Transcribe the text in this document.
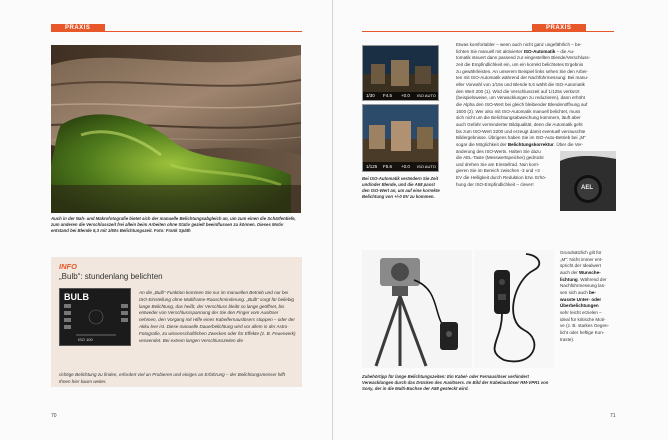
PRAXIS
Auch in der Nah- und Makrofotografie bietet sich der manuelle Belichtungsabgleich an, um zum einen die Schärfentiefe, zum anderen die Verschlusszeit frei allein beim Arbeiten ohne Stativ gezielt beeinflussen zu können. Dieses Motiv entstand bei Blende 5,3 mit 1/60s Belichtungszeit. Foto: Frank Späth
INFO
„Bulb“: stundenlang belichten
BULB
ISO 100
An die „Bulb“-Funktion kommen Sie nur im manuellen Betrieb und nur bei ISO-Einstellung ohne Multiframe-Rauschminderung. „Bulb“ sorgt für beliebig lange Belichtung, das heißt, der Verschluss bleibt so lange geöffnet, bis entweder von Verschlussspannung der Sie den Finger vom Auslöser nehmen, den Vorgang mit Hilfe eines Kabelfernauslösers stoppen – oder der Akku leer ist. Diese manuelle Dauerbelichtung wird vor allem in der Astro-Fotografie, zu wissenschaftlichen Zwecken oder für Effekte (z. B. Feuerwerk) verwendet. Bei extrem langen Verschlusszeiten die
richtige Belichtung zu finden, erfordert viel an Probieren und einiges an Erfahrung – der Belichtungsmesser hilft Ihnen hier kaum weiter.
70
PRAXIS
1/30 F4.5 +0.0 ISO AUTO
1/125 F5.6 +0.0 ISO AUTO
Bei ISO-Automatik verändern Sie Zeit und/oder Blende, und die A58 passt den ISO-Wert an, um auf eine korrekte Belichtung von +/-0 EV zu kommen.
Etwas komfortabler – wenn auch nicht ganz ungefährlich – be-
lichten Sie manuell mit aktivierter ISO-Automatik – die Au-
tomatik steuert dann passend zur eingestellten Blende/Verschluss-
zeit die Empfindlichkeit ein, um ein korrekt belichtetes Ergebnis
zu gewährleisten. An unserem Beispiel links sehen Sie den Arbei-
ten mit ISO-Automatik während der Nachführmessung: Bei manu-
eller Vorwahl von 1/15s und Blende 5,6 wählt die ISO-Automatik
den Wert 200 (1). Wird die Verschlusszeit auf 1/125s verkürzt
(beispielsweise, um Verwacklungen zu reduzieren), dann erhöht
die Alpha den ISO-Wert bei gleich bleibender Blendenöffnung auf
1600 (2). Wer also mit ISO-Automatik manuell belichtet, muss
sich nicht um die Belichtungsabweichung kümmern, läuft aber
auch Gefahr verminderter Bildqualität, denn die Automatik geht
bis zum ISO-Wert 3200 und erzeugt damit eventuell verrauschte
Bildergebnisse. Übrigens haben Sie im ISO-Auto-Betrieb bei „M“
sogar die Möglichkeit der Belichtungskorrektur. Über die Ver-
änderung des ISO-Werts. Halten Sie dazu
die AEL-Taste (Messwertspeicher) gedrückt
und drehen Sie am Einstellrad. Nun korri-
gieren Sie im Bereich zwischen -3 und +3
EV die Helligkeit durch Reduktion bzw. Erhö-
hung der ISO-Empfindlichkeit – clever!
AEL
Zubehörtipp für lange Belichtungszeiten: Ein Kabel- oder Fernauslöser verhindert Verwacklungen durch das Drücken des Auslösers. Im Bild der Kabelauslöser RM-VPR1 von Sony, der in die Multi-Buchse der A58 gesteckt wird.
Grundsätzlich gilt für
„M“: Nicht immer ent-
spricht der Idealwert
auch der Wunsche-
lichtung. Während der
Nachführmessung las-
sen sich auch be-
wusste Unter- oder
Überbelichtungen
sehr leicht erzielen –
ideal für kritische Moti-
ve (z. B. starkes Gegen-
licht oder heftige Kon-
traste).
71
